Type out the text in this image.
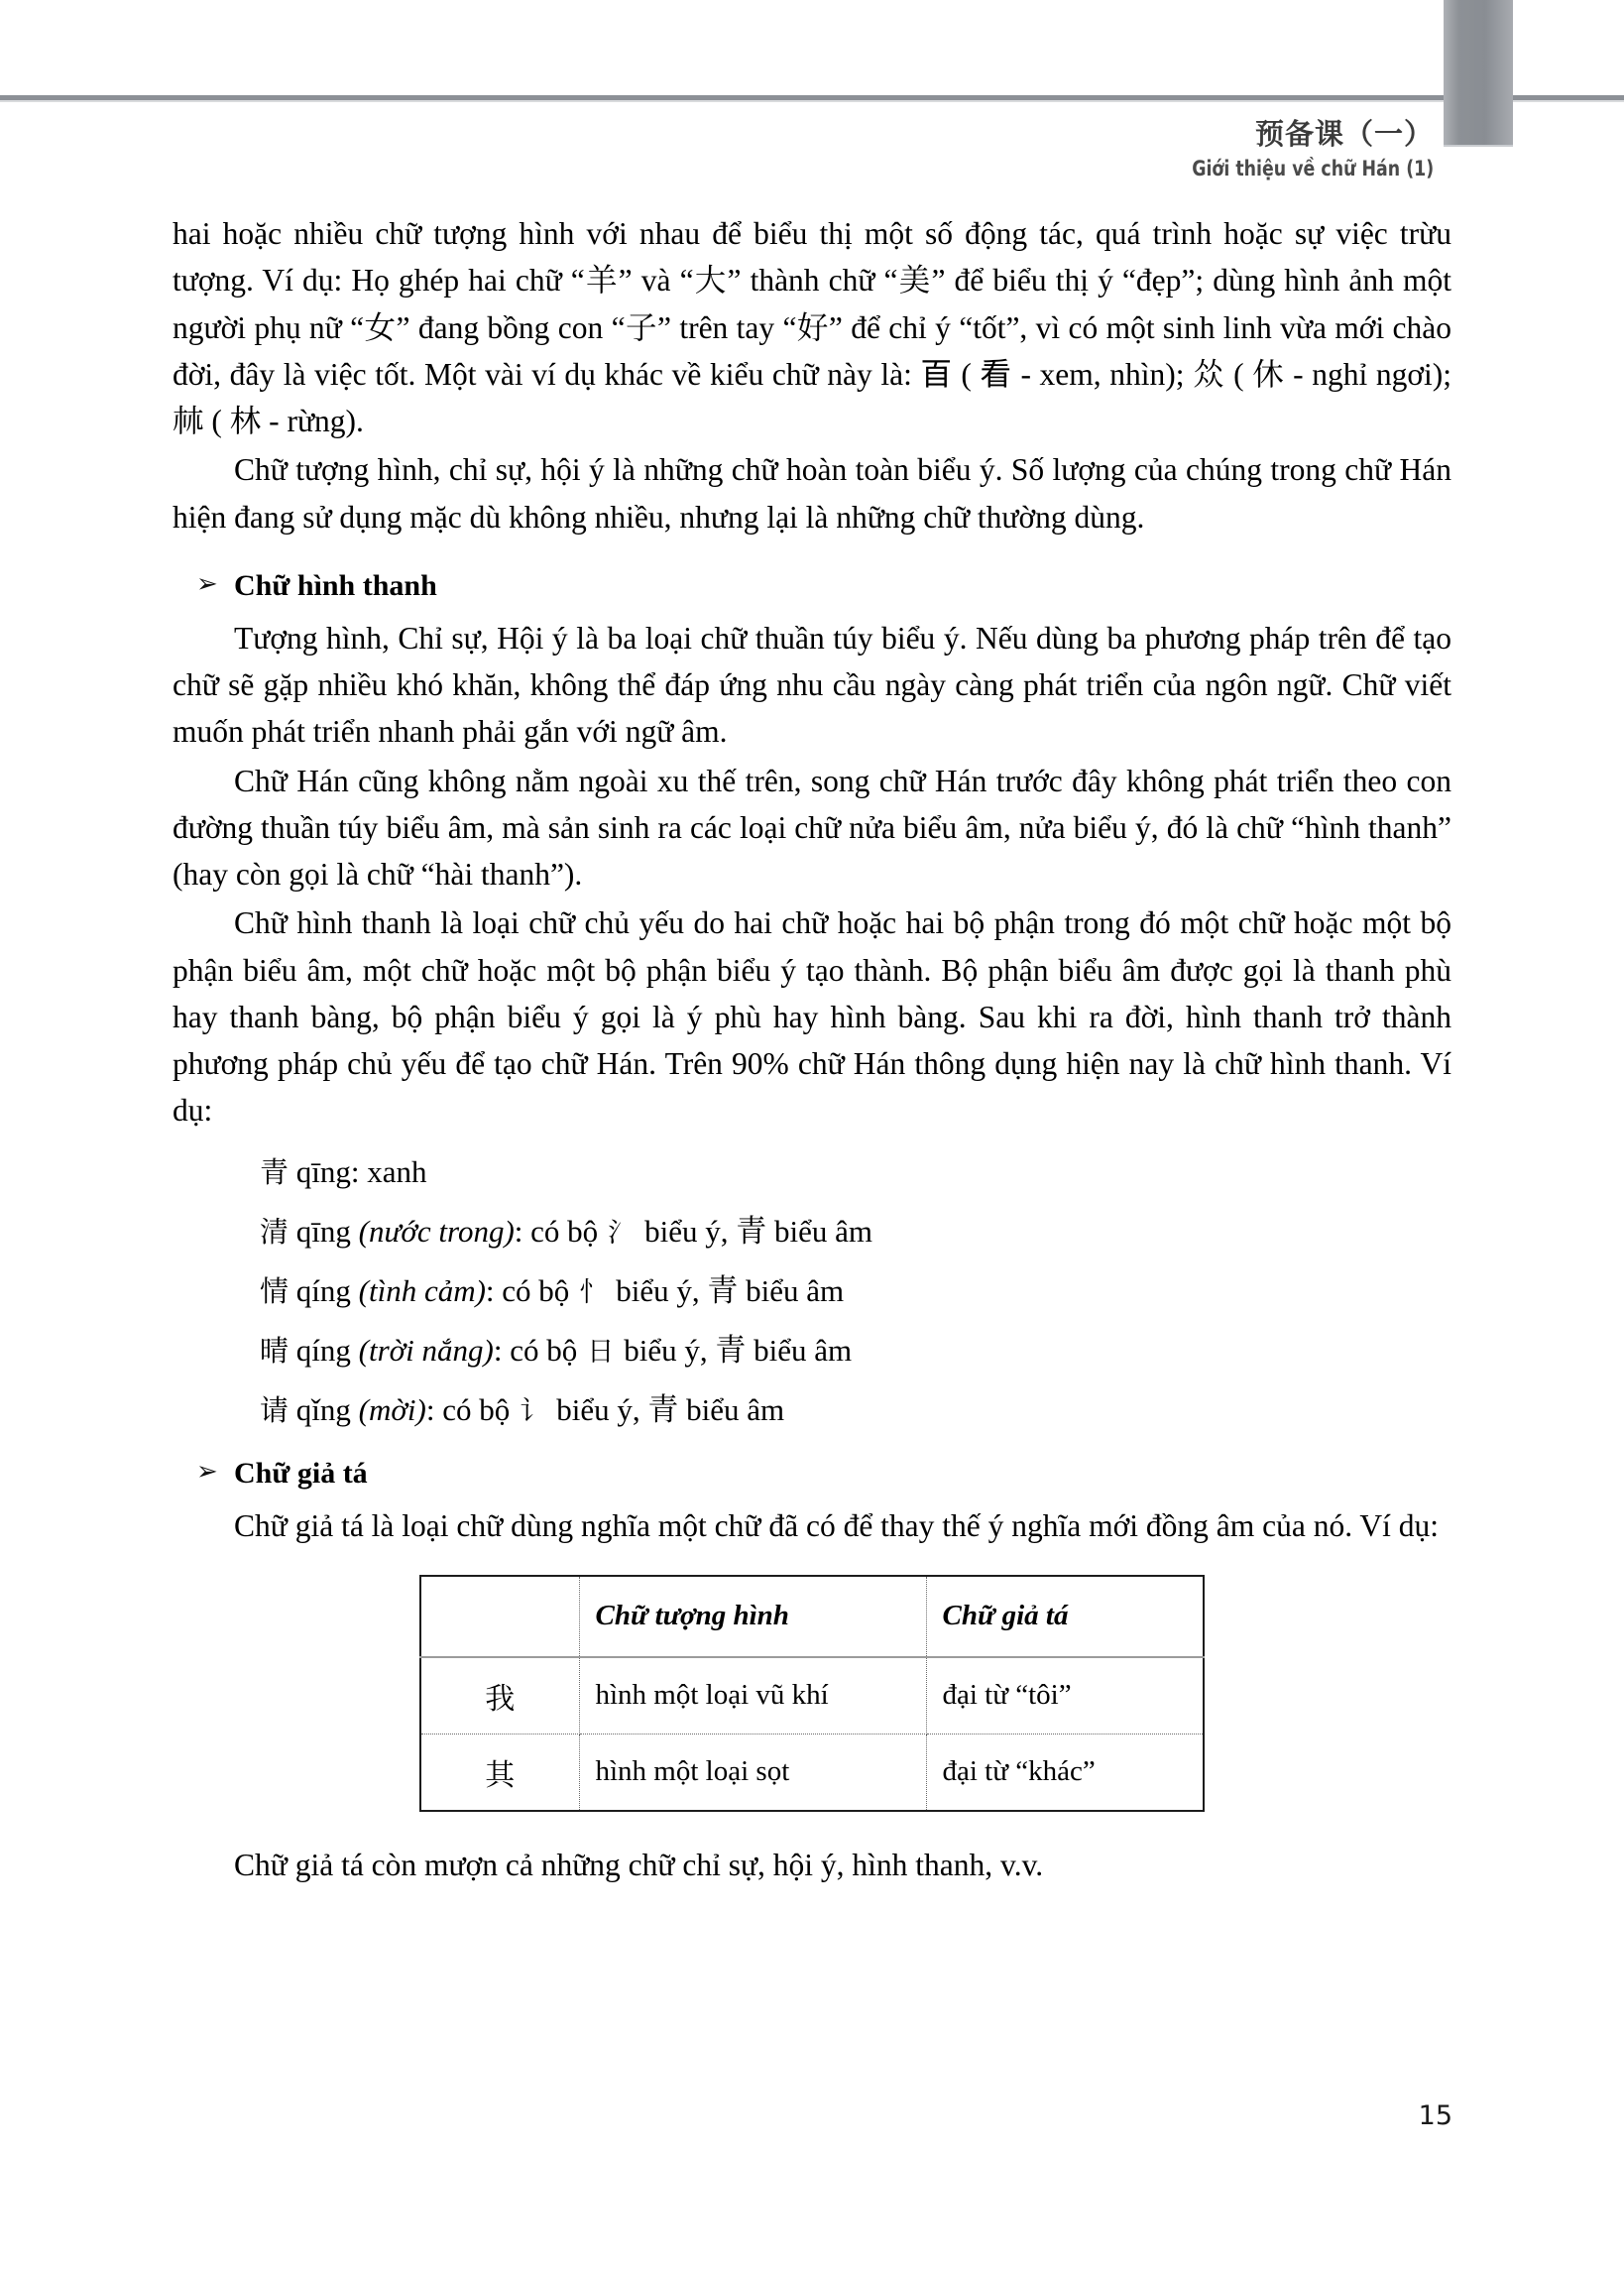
预备课（一）
Giới thiệu về chữ Hán (1)

hai hoặc nhiều chữ tượng hình với nhau để biểu thị một số động tác, quá trình hoặc sự việc trừu tượng. Ví dụ: Họ ghép hai chữ “羊” và “大” thành chữ “美” để biểu thị ý “đẹp”; dùng hình ảnh một người phụ nữ “女” đang bồng con “子” trên tay “好” để chỉ ý “tốt”, vì có một sinh linh vừa mới chào đời, đây là việc tốt. Một vài ví dụ khác về kiểu chữ này là: 𦣻 ( 看 - xem, nhìn); 𠈌 ( 休 - nghỉ ngơi); 𣏟 ( 林 - rừng).

Chữ tượng hình, chỉ sự, hội ý là những chữ hoàn toàn biểu ý. Số lượng của chúng trong chữ Hán hiện đang sử dụng mặc dù không nhiều, nhưng lại là những chữ thường dùng.

➢ Chữ hình thanh

Tượng hình, Chỉ sự, Hội ý là ba loại chữ thuần túy biểu ý. Nếu dùng ba phương pháp trên để tạo chữ sẽ gặp nhiều khó khăn, không thể đáp ứng nhu cầu ngày càng phát triển của ngôn ngữ. Chữ viết muốn phát triển nhanh phải gắn với ngữ âm.

Chữ Hán cũng không nằm ngoài xu thế trên, song chữ Hán trước đây không phát triển theo con đường thuần túy biểu âm, mà sản sinh ra các loại chữ nửa biểu âm, nửa biểu ý, đó là chữ “hình thanh” (hay còn gọi là chữ “hài thanh”).

Chữ hình thanh là loại chữ chủ yếu do hai chữ hoặc hai bộ phận trong đó một chữ hoặc một bộ phận biểu âm, một chữ hoặc một bộ phận biểu ý tạo thành. Bộ phận biểu âm được gọi là thanh phù hay thanh bàng, bộ phận biểu ý gọi là ý phù hay hình bàng. Sau khi ra đời, hình thanh trở thành phương pháp chủ yếu để tạo chữ Hán. Trên 90% chữ Hán thông dụng hiện nay là chữ hình thanh. Ví dụ:

青 qīng: xanh
清 qīng (nước trong): có bộ 氵 biểu ý, 青 biểu âm
情 qíng (tình cảm): có bộ 忄 biểu ý, 青 biểu âm
晴 qíng (trời nắng): có bộ 日 biểu ý, 青 biểu âm
请 qǐng (mời): có bộ 讠 biểu ý, 青 biểu âm
➢ Chữ giả tá

Chữ giả tá là loại chữ dùng nghĩa một chữ đã có để thay thế ý nghĩa mới đồng âm của nó. Ví dụ:

	Chữ tượng hình	Chữ giả tá
我	hình một loại vũ khí	đại từ “tôi”
其	hình một loại sọt	đại từ “khác”

Chữ giả tá còn mượn cả những chữ chỉ sự, hội ý, hình thanh, v.v.

15
